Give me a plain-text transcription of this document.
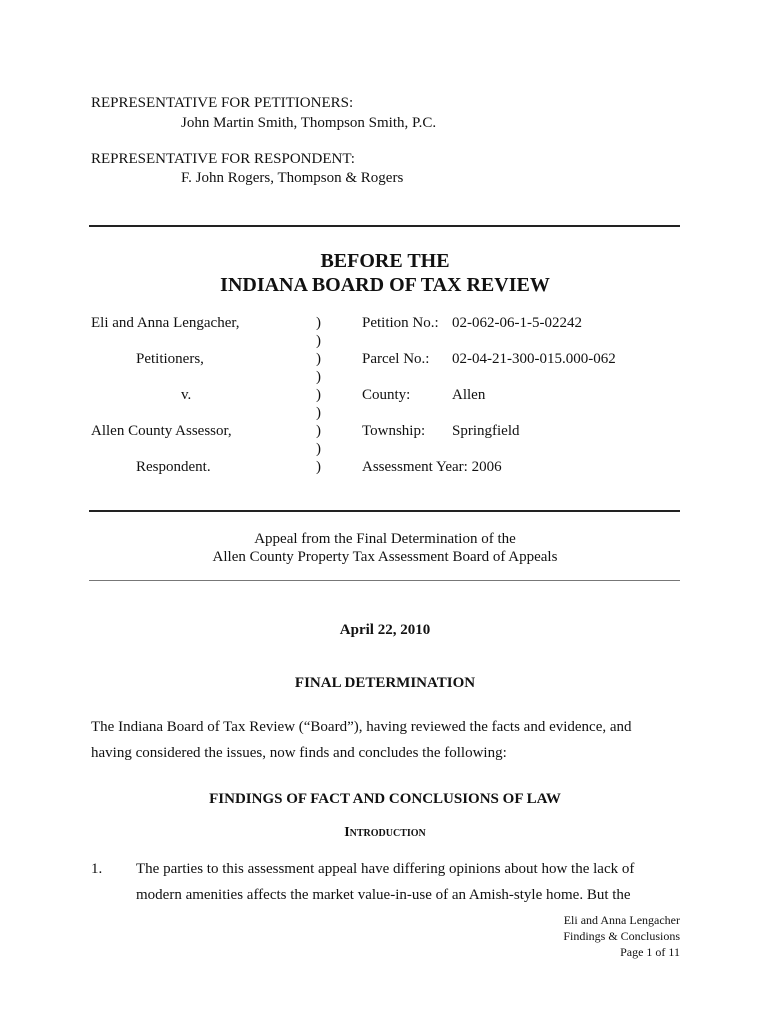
REPRESENTATIVE FOR PETITIONERS:
John Martin Smith, Thompson Smith, P.C.
REPRESENTATIVE FOR RESPONDENT:
F. John Rogers, Thompson & Rogers
BEFORE THE
INDIANA BOARD OF TAX REVIEW
Eli and Anna Lengacher,
Petitioners,
v.
Allen County Assessor,
Respondent.
)
)
)
)
)
)
)
)
)
Petition No.: 02-062-06-1-5-02242
Parcel No.: 02-04-21-300-015.000-062
County:	Allen
Township: Springfield
Assessment Year: 2006
Appeal from the Final Determination of the
Allen County Property Tax Assessment Board of Appeals
April 22, 2010
FINAL DETERMINATION
The Indiana Board of Tax Review (“Board”), having reviewed the facts and evidence, and
having considered the issues, now finds and concludes the following:
FINDINGS OF FACT AND CONCLUSIONS OF LAW
Introduction
1. The parties to this assessment appeal have differing opinions about how the lack of
modern amenities affects the market value-in-use of an Amish-style home. But the
Eli and Anna Lengacher
Findings & Conclusions
Page 1 of 11
